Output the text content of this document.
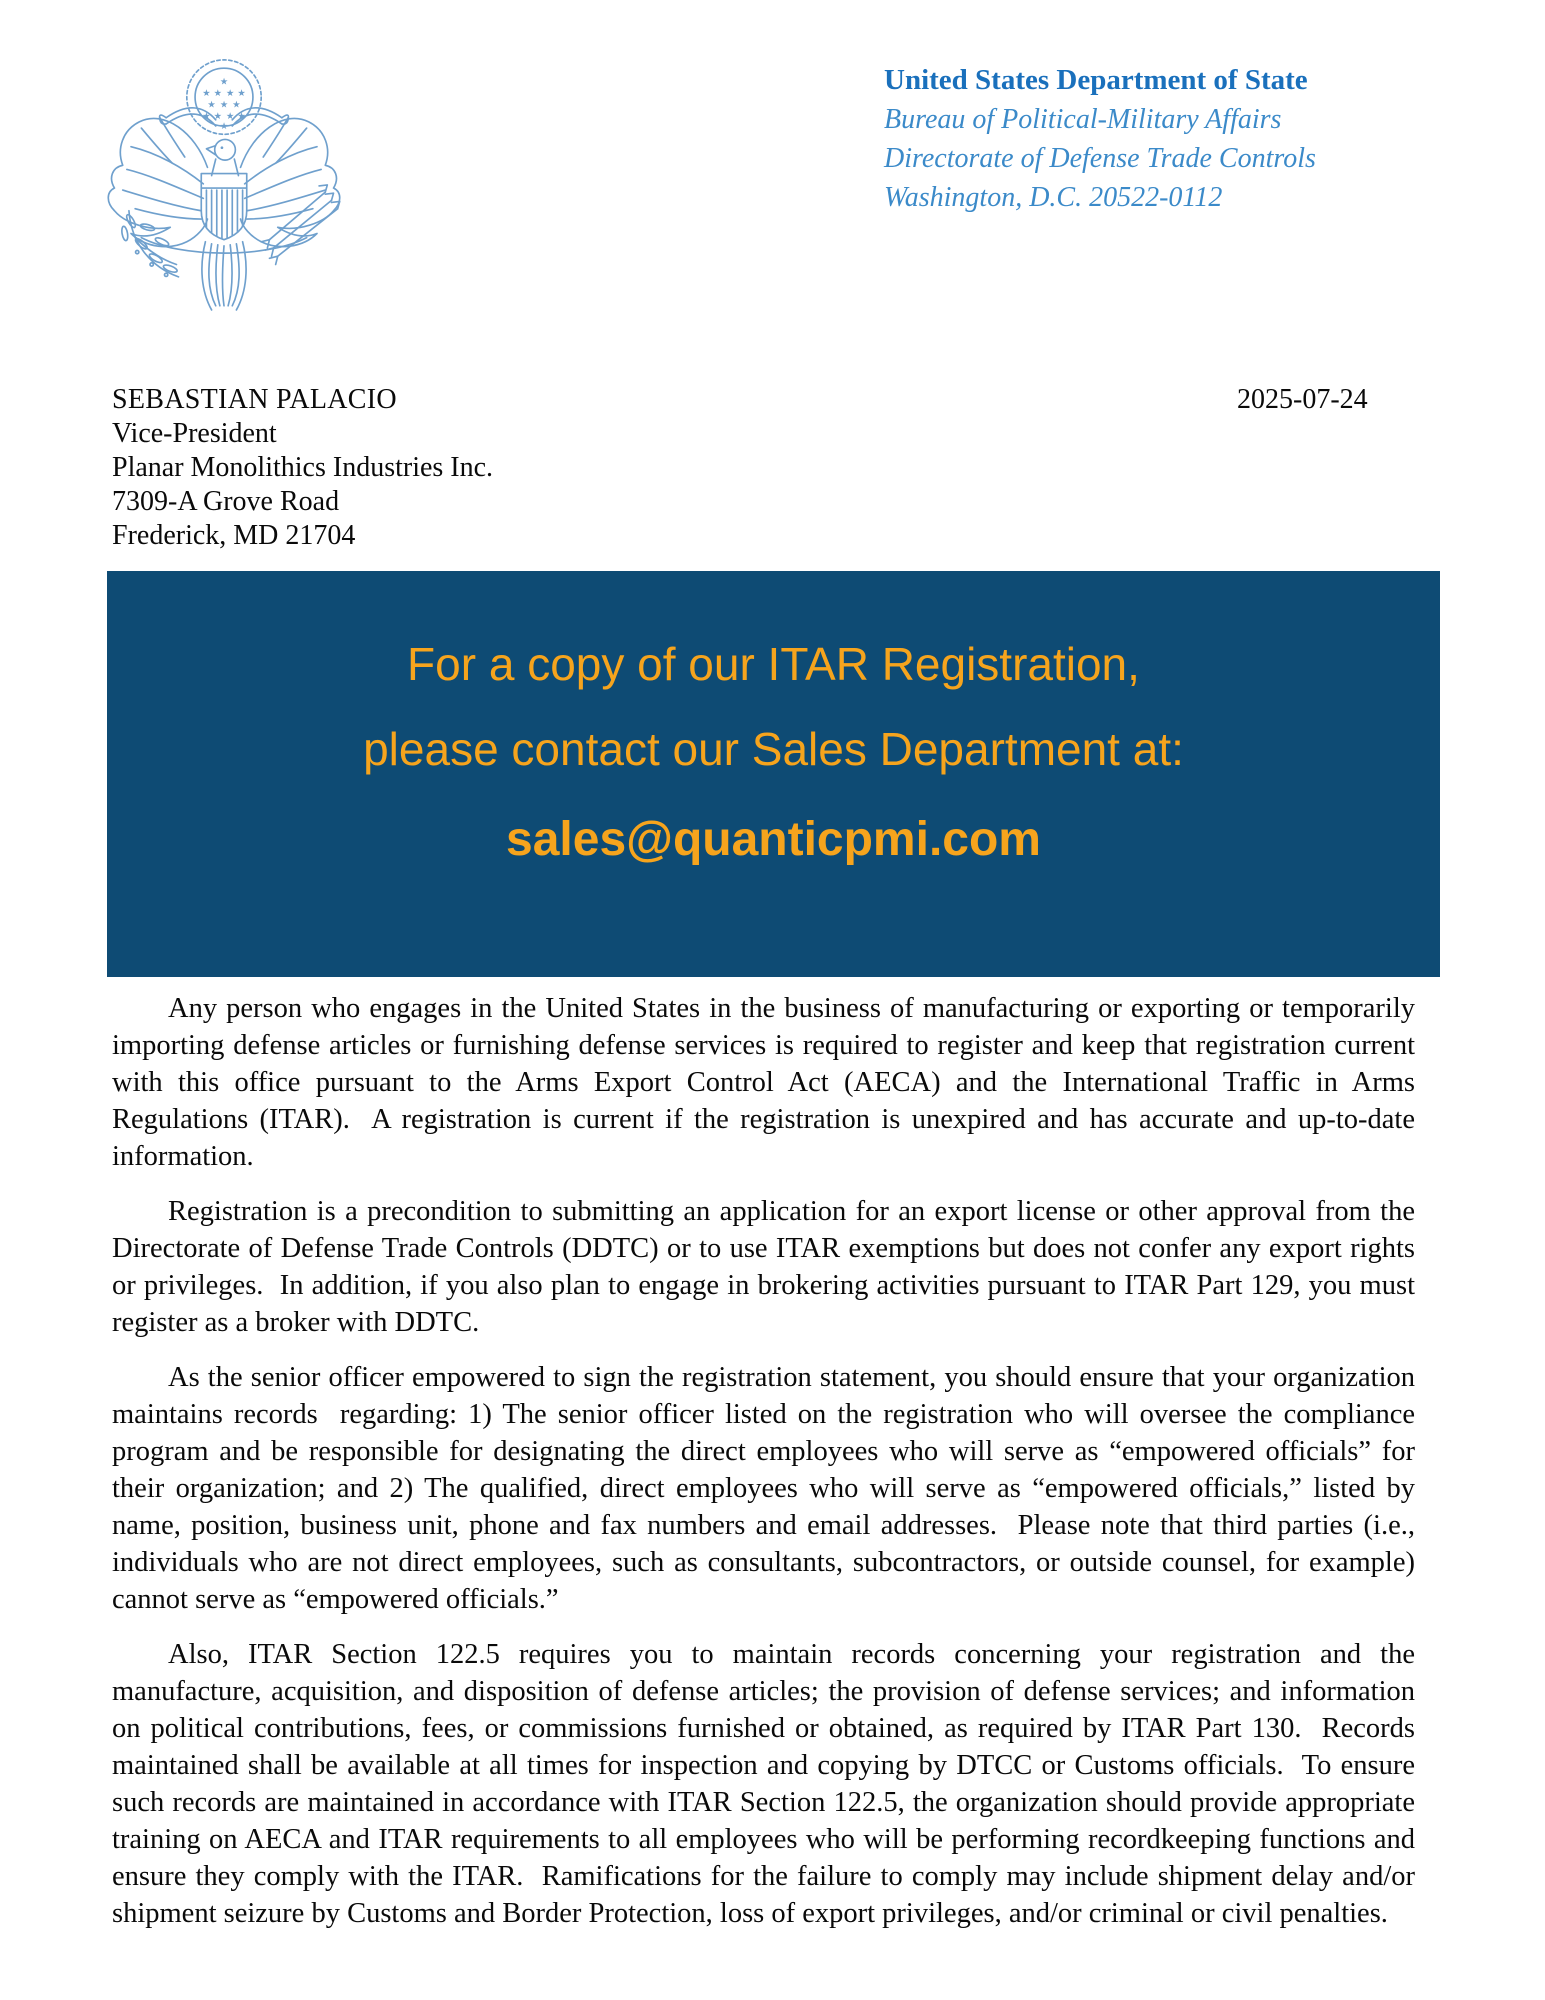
★
★ ★ ★ ★
★ ★ ★
★ ★ ★ ★
★
United States Department of State
Bureau of Political-Military Affairs
Directorate of Defense Trade Controls
Washington, D.C. 20522-0112
SEBASTIAN PALACIO
Vice-President
Planar Monolithics Industries Inc.
7309-A Grove Road
Frederick, MD 21704
2025-07-24
For a copy of our ITAR Registration,
please contact our Sales Department at:
sales@quanticpmi.com

Any person who engages in the United States in the business of manufacturing or exporting or temporarily importing defense articles or furnishing defense services is required to register and keep that registration current with this office pursuant to the Arms Export Control Act (AECA) and the International Traffic in Arms Regulations (ITAR).  A registration is current if the registration is unexpired and has accurate and up-to-date information.

Registration is a precondition to submitting an application for an export license or other approval from the Directorate of Defense Trade Controls (DDTC) or to use ITAR exemptions but does not confer any export rights or privileges.  In addition, if you also plan to engage in brokering activities pursuant to ITAR Part 129, you must register as a broker with DDTC.

As the senior officer empowered to sign the registration statement, you should ensure that your organization maintains records  regarding: 1) The senior officer listed on the registration who will oversee the compliance program and be responsible for designating the direct employees who will serve as “empowered officials” for their organization; and 2) The qualified, direct employees who will serve as “empowered officials,” listed by name, position, business unit, phone and fax numbers and email addresses.  Please note that third parties (i.e., individuals who are not direct employees, such as consultants, subcontractors, or outside counsel, for example) cannot serve as “empowered officials.”

Also, ITAR Section 122.5 requires you to maintain records concerning your registration and the manufacture, acquisition, and disposition of defense articles; the provision of defense services; and information on political contributions, fees, or commissions furnished or obtained, as required by ITAR Part 130.  Records maintained shall be available at all times for inspection and copying by DTCC or Customs officials.  To ensure such records are maintained in accordance with ITAR Section 122.5, the organization should provide appropriate training on AECA and ITAR requirements to all employees who will be performing recordkeeping functions and ensure they comply with the ITAR.  Ramifications for the failure to comply may include shipment delay and/or shipment seizure by Customs and Border Protection, loss of export privileges, and/or criminal or civil penalties.
